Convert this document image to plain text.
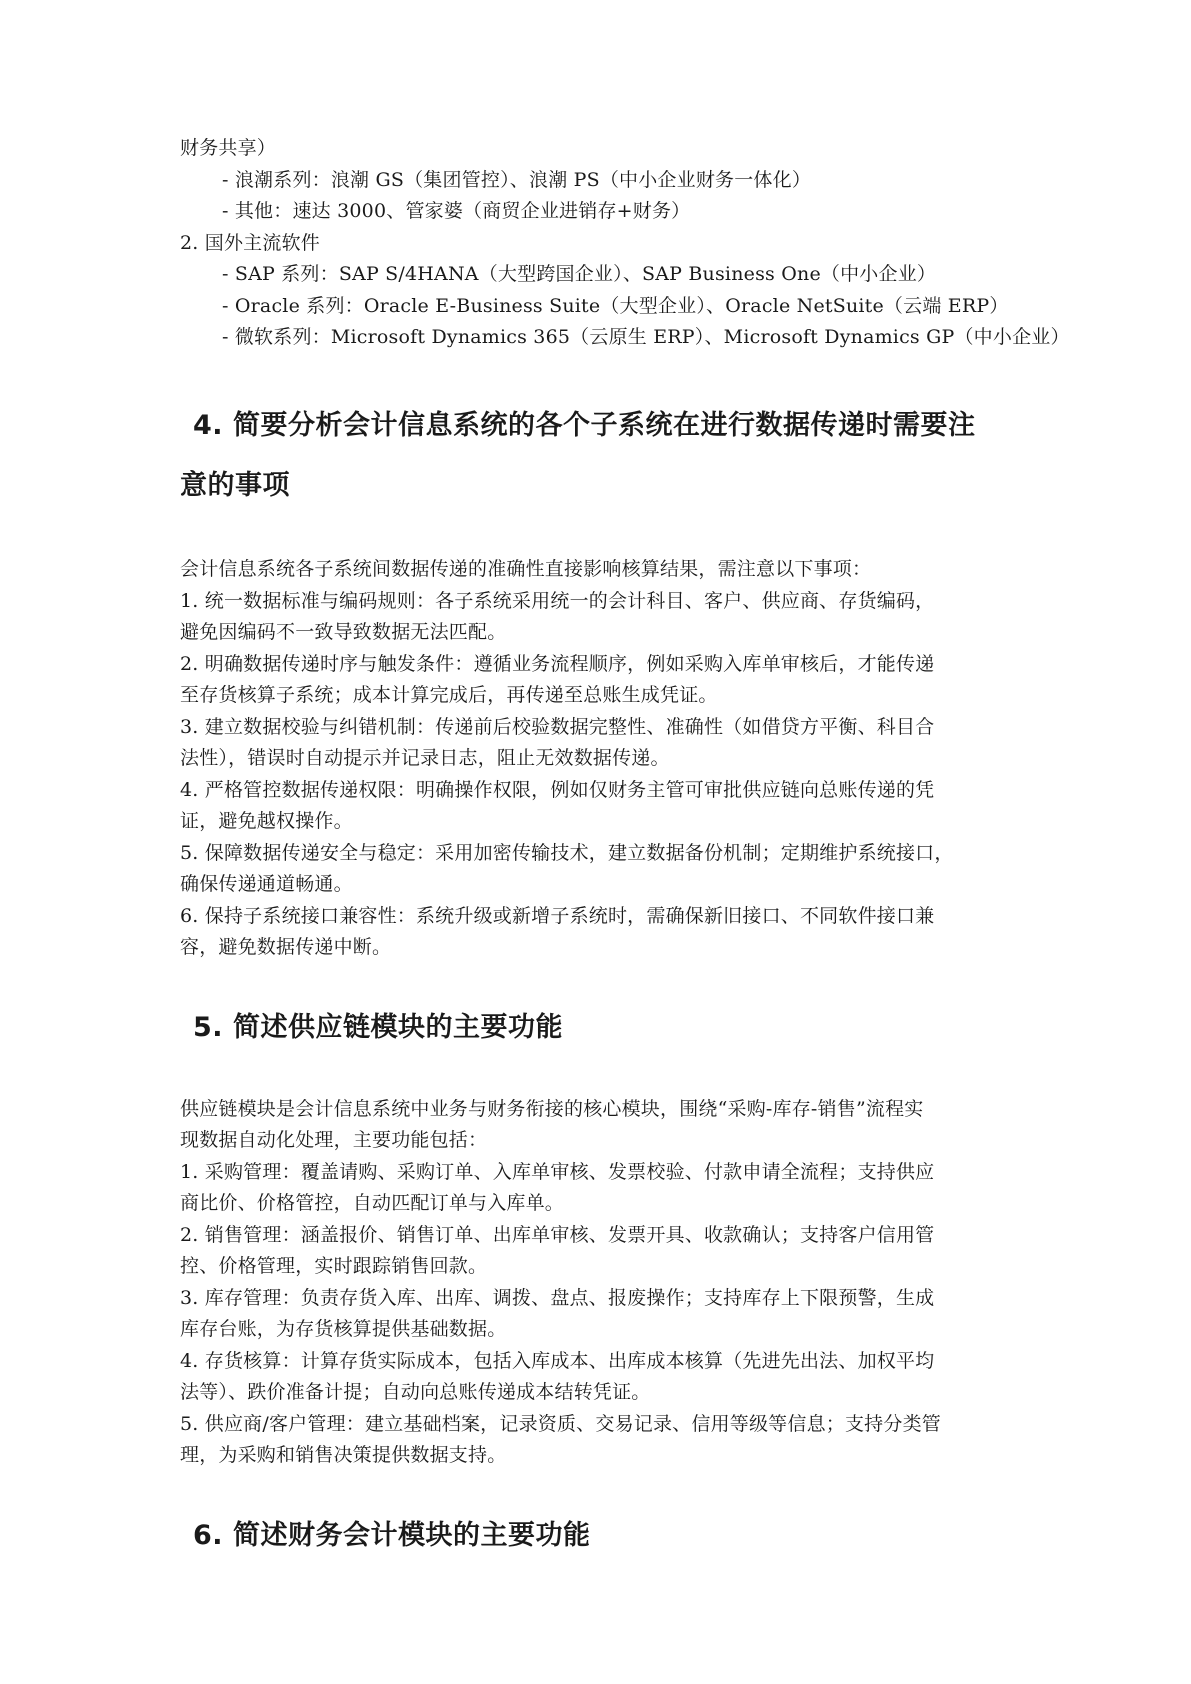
财务共享）
- 浪潮系列：浪潮 GS（集团管控）、浪潮 PS（中小企业财务一体化）
- 其他：速达 3000、管家婆（商贸企业进销存+财务）
2. 国外主流软件
- SAP 系列：SAP S/4HANA（大型跨国企业）、SAP Business One（中小企业）
- Oracle 系列：Oracle E-Business Suite（大型企业）、Oracle NetSuite（云端 ERP）
- 微软系列：Microsoft Dynamics 365（云原生 ERP）、Microsoft Dynamics GP（中小企业）
4. 简要分析会计信息系统的各个子系统在进行数据传递时需要注
意的事项
会计信息系统各子系统间数据传递的准确性直接影响核算结果，需注意以下事项：
1. 统一数据标准与编码规则：各子系统采用统一的会计科目、客户、供应商、存货编码，
避免因编码不一致导致数据无法匹配。
2. 明确数据传递时序与触发条件：遵循业务流程顺序，例如采购入库单审核后，才能传递
至存货核算子系统；成本计算完成后，再传递至总账生成凭证。
3. 建立数据校验与纠错机制：传递前后校验数据完整性、准确性（如借贷方平衡、科目合
法性），错误时自动提示并记录日志，阻止无效数据传递。
4. 严格管控数据传递权限：明确操作权限，例如仅财务主管可审批供应链向总账传递的凭
证，避免越权操作。
5. 保障数据传递安全与稳定：采用加密传输技术，建立数据备份机制；定期维护系统接口，
确保传递通道畅通。
6. 保持子系统接口兼容性：系统升级或新增子系统时，需确保新旧接口、不同软件接口兼
容，避免数据传递中断。
5. 简述供应链模块的主要功能
供应链模块是会计信息系统中业务与财务衔接的核心模块，围绕“采购-库存-销售”流程实
现数据自动化处理，主要功能包括：
1. 采购管理：覆盖请购、采购订单、入库单审核、发票校验、付款申请全流程；支持供应
商比价、价格管控，自动匹配订单与入库单。
2. 销售管理：涵盖报价、销售订单、出库单审核、发票开具、收款确认；支持客户信用管
控、价格管理，实时跟踪销售回款。
3. 库存管理：负责存货入库、出库、调拨、盘点、报废操作；支持库存上下限预警，生成
库存台账，为存货核算提供基础数据。
4. 存货核算：计算存货实际成本，包括入库成本、出库成本核算（先进先出法、加权平均
法等）、跌价准备计提；自动向总账传递成本结转凭证。
5. 供应商/客户管理：建立基础档案，记录资质、交易记录、信用等级等信息；支持分类管
理，为采购和销售决策提供数据支持。
6. 简述财务会计模块的主要功能
